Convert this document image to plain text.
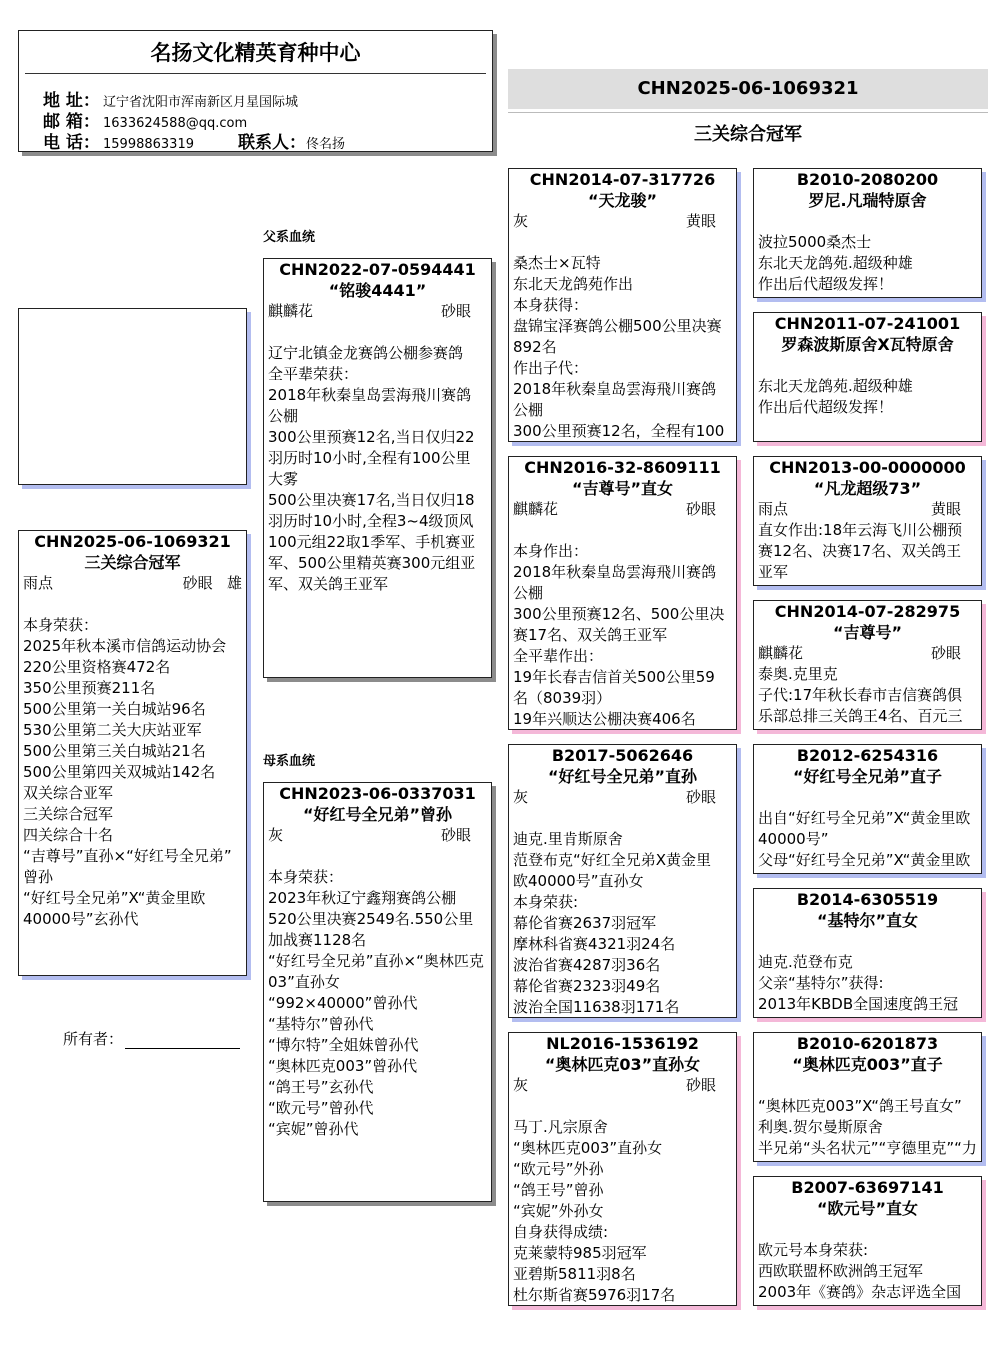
名扬文化精英育种中心
地 址： 辽宁省沈阳市浑南新区月星国际城
邮 箱： 1633624588@qq.com
电 话： 15998863319	联系人：佟名扬
CHN2025-06-1069321
三关综合冠军
父系血统
母系血统
CHN2025-06-1069321
三关综合冠军
雨点	砂眼 雄

本身荣获：
2025年秋本溪市信鸽运动协会
220公里资格赛472名
350公里预赛211名
500公里第一关白城站96名
530公里第二关大庆站亚军
500公里第三关白城站21名
500公里第四关双城站142名
双关综合亚军
三关综合冠军
四关综合十名
“吉尊号”直孙×“好红号全兄弟”
曾孙
“好红号全兄弟”X“黄金里欧
40000号”玄孙代
所有者：
CHN2022-07-0594441
“铭骏4441”
麒麟花	砂眼

辽宁北镇金龙赛鸽公棚参赛鸽
全平辈荣获：
2018年秋秦皇岛雲海飛川赛鸽
公棚
300公里预赛12名,当日仅归22
羽历时10小时,全程有100公里
大雾
500公里决赛17名,当日仅归18
羽历时10小时,全程3~4级顶风
100元组22取1季军、手机赛亚
军、500公里精英赛300元组亚
军、双关鸽王亚军
CHN2023-06-0337031
“好红号全兄弟”曾孙
灰	砂眼

本身荣获：
2023年秋辽宁鑫翔赛鸽公棚
520公里决赛2549名.550公里
加战赛1128名
“好红号全兄弟”直孙×“奥林匹克
03”直孙女
“992×40000”曾孙代
“基特尔”曾孙代
“博尔特”全姐妹曾孙代
“奥林匹克003”曾孙代
“鸽王号”玄孙代
“欧元号”曾孙代
“宾妮”曾孙代
CHN2014-07-317726
“天龙骏”
灰	黄眼

桑杰士×瓦特
东北天龙鸽苑作出
本身获得：
盘锦宝泽赛鸽公棚500公里决赛
892名
作出子代：
2018年秋秦皇岛雲海飛川赛鸽
公棚
300公里预赛12名，全程有100
CHN2016-32-8609111
“吉尊号”直女
麒麟花	砂眼

本身作出：
2018年秋秦皇岛雲海飛川赛鸽
公棚
300公里预赛12名、500公里决
赛17名、双关鸽王亚军
全平辈作出：
19年长春吉信首关500公里59
名（8039羽）
19年兴顺达公棚决赛406名
B2017-5062646
“好红号全兄弟”直孙
灰	砂眼

迪克.里肯斯原舍
范登布克“好红全兄弟X黄金里
欧40000号”直孙女
本身荣获:
幕伦省赛2637羽冠军
摩林科省赛4321羽24名
波治省赛4287羽36名
幕伦省赛2323羽49名
波治全国11638羽171名
NL2016-1536192
“奥林匹克03”直孙女
灰	砂眼

马丁.凡宗原舍
“奥林匹克003”直孙女
“欧元号”外孙
“鸽王号”曾孙
“宾妮”外孙女
自身获得成绩:
克莱蒙特985羽冠军
亚碧斯5811羽8名
杜尔斯省赛5976羽17名
B2010-2080200
罗尼.凡瑞特原舍

波拉5000桑杰士
东北天龙鸽苑.超级种雄
作出后代超级发挥！
CHN2011-07-241001
罗森波斯原舍X瓦特原舍

东北天龙鸽苑.超级种雄
作出后代超级发挥！
CHN2013-00-0000000
“凡龙超级73”
雨点	黄眼
直女作出:18年云海飞川公棚预
赛12名、决赛17名、双关鸽王
亚军
CHN2014-07-282975
“吉尊号”
麒麟花	砂眼
泰奥.克里克
子代:17年秋长春市吉信赛鸽俱
乐部总排三关鸽王4名、百元三
B2012-6254316
“好红号全兄弟”直子

出自“好红号全兄弟”X“黄金里欧
40000号”
父母“好红号全兄弟”X“黄金里欧
B2014-6305519
“基特尔”直女

迪克.范登布克
父亲“基特尔”获得:
2013年KBDB全国速度鸽王冠
B2010-6201873
“奥林匹克003”直子

“奥林匹克003”X“鸽王号直女”
利奥.贺尔曼斯原舍
半兄弟“头名状元”“亨德里克”“力
B2007-63697141
“欧元号”直女

欧元号本身荣获:
西欧联盟杯欧洲鸽王冠军
2003年《赛鸽》杂志评选全国
